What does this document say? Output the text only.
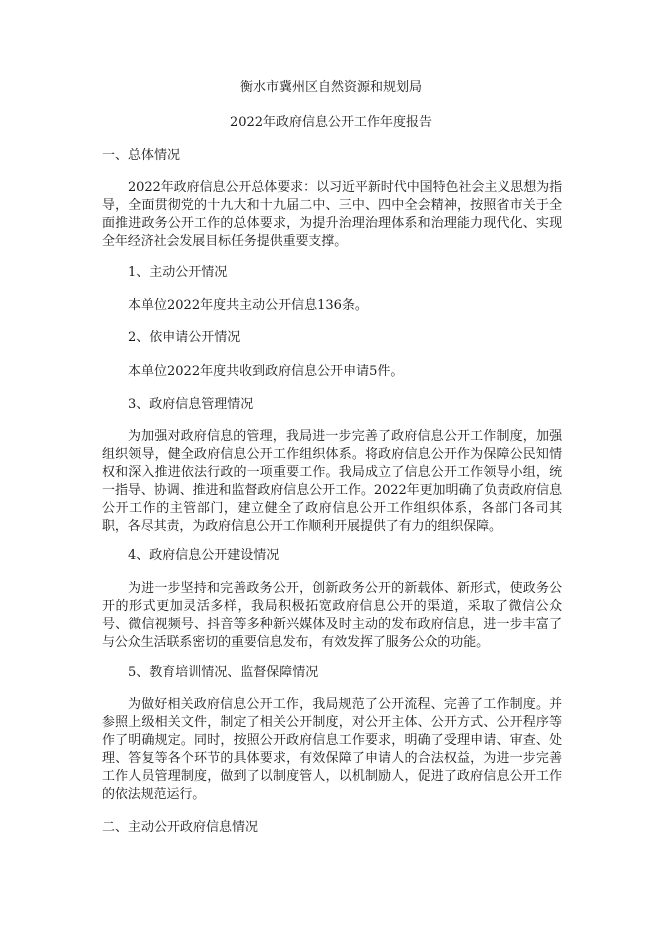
衡水市冀州区自然资源和规划局

2022年政府信息公开工作年度报告

一、总体情况

2022年政府信息公开总体要求：以习近平新时代中国特色社会主义思想为指导，全面贯彻党的十九大和十九届二中、三中、四中全会精神，按照省市关于全面推进政务公开工作的总体要求，为提升治理治理体系和治理能力现代化、实现全年经济社会发展目标任务提供重要支撑。

1、主动公开情况

本单位2022年度共主动公开信息136条。

2、依申请公开情况

本单位2022年度共收到政府信息公开申请5件。

3、政府信息管理情况

为加强对政府信息的管理，我局进一步完善了政府信息公开工作制度，加强组织领导，健全政府信息公开工作组织体系。将政府信息公开作为保障公民知情权和深入推进依法行政的一项重要工作。我局成立了信息公开工作领导小组，统一指导、协调、推进和监督政府信息公开工作。2022年更加明确了负责政府信息公开工作的主管部门，建立健全了政府信息公开工作组织体系，各部门各司其职，各尽其责，为政府信息公开工作顺利开展提供了有力的组织保障。

4、政府信息公开建设情况

为进一步坚持和完善政务公开，创新政务公开的新载体、新形式，使政务公开的形式更加灵活多样，我局积极拓宽政府信息公开的渠道，采取了微信公众号、微信视频号、抖音等多种新兴媒体及时主动的发布政府信息，进一步丰富了与公众生活联系密切的重要信息发布，有效发挥了服务公众的功能。

5、教育培训情况、监督保障情况

为做好相关政府信息公开工作，我局规范了公开流程、完善了工作制度。并参照上级相关文件，制定了相关公开制度，对公开主体、公开方式、公开程序等作了明确规定。同时，按照公开政府信息工作要求，明确了受理申请、审查、处理、答复等各个环节的具体要求，有效保障了申请人的合法权益，为进一步完善工作人员管理制度，做到了以制度管人，以机制励人，促进了政府信息公开工作的依法规范运行。

二、主动公开政府信息情况
